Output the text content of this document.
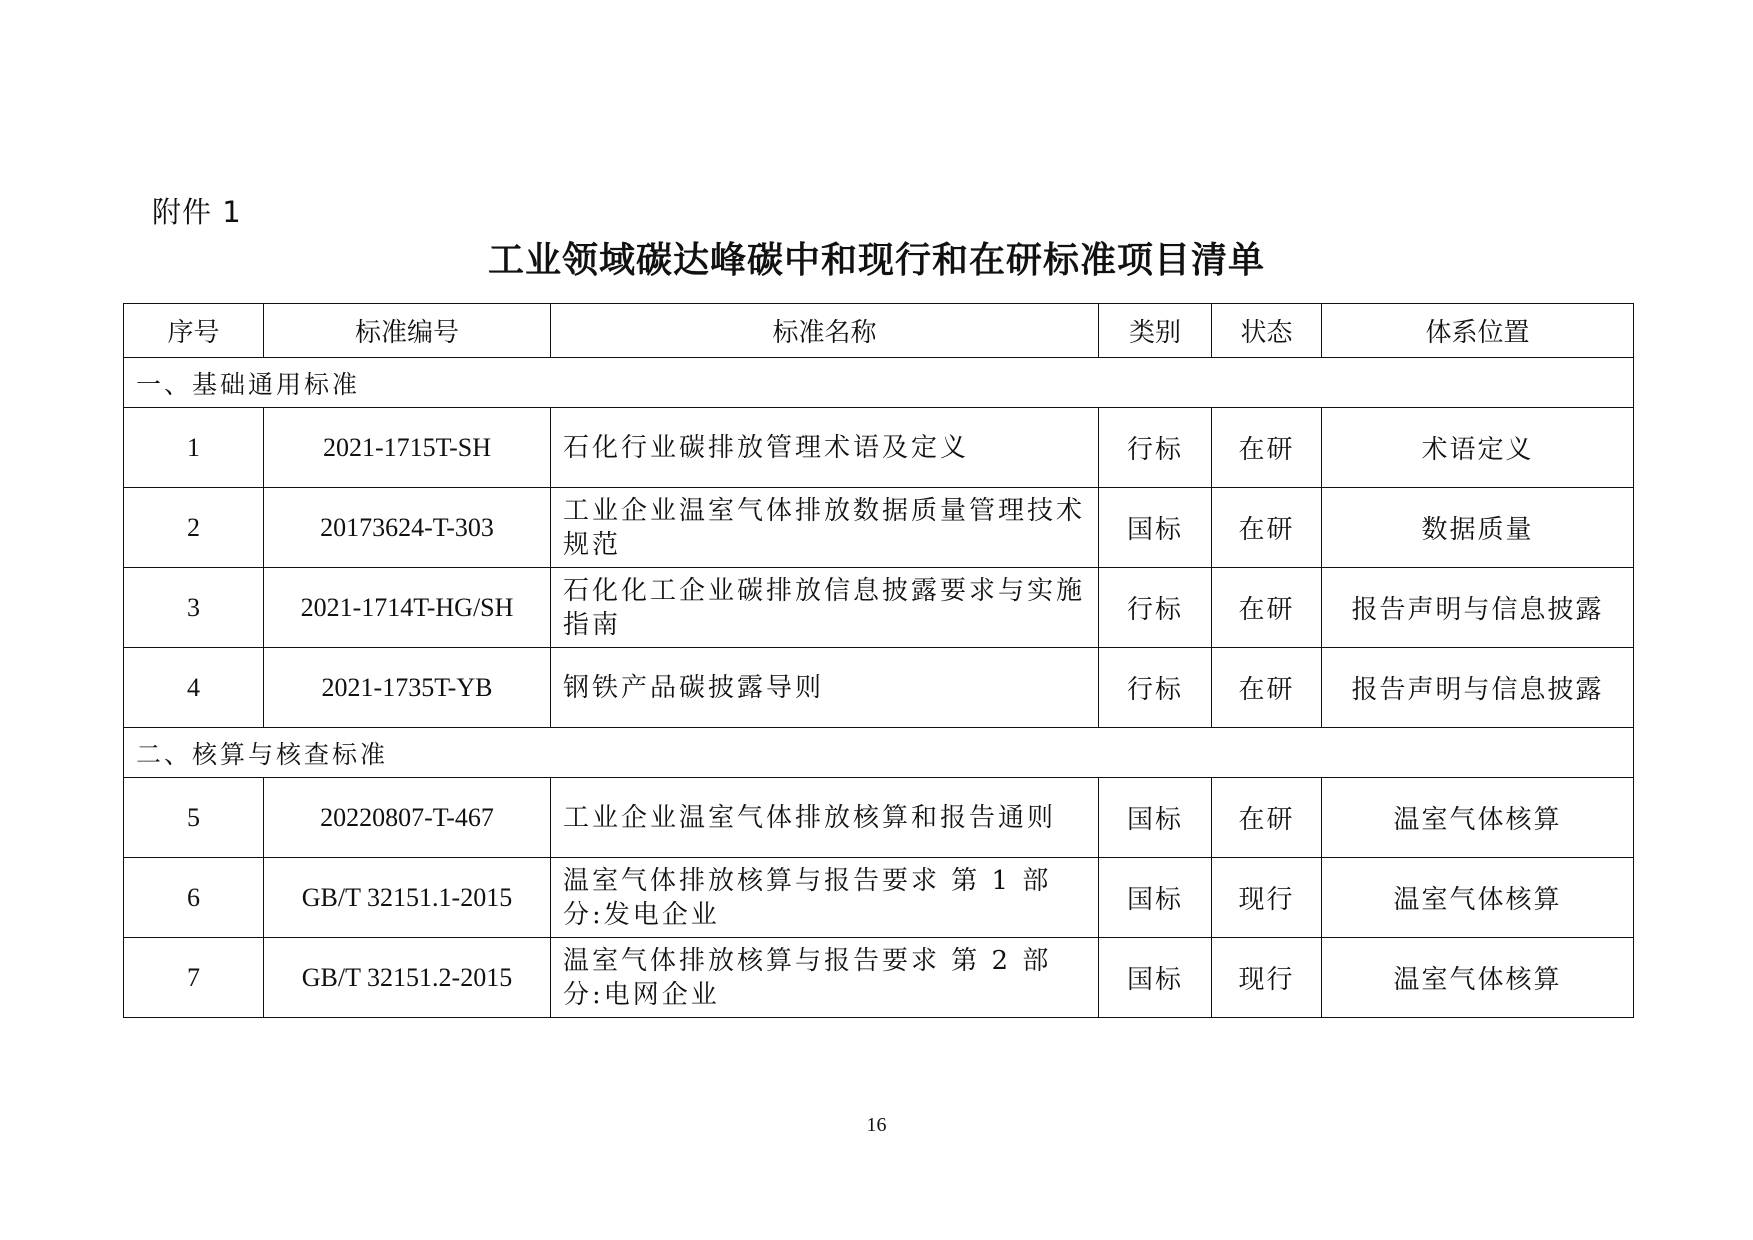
附件 1
工业领域碳达峰碳中和现行和在研标准项目清单
序号	标准编号	标准名称	类别	状态	体系位置
一、基础通用标准					
1	2021-1715T-SH	石化行业碳排放管理术语及定义	行标	在研	术语定义
2	20173624-T-303	工业企业温室气体排放数据质量管理技术规范	国标	在研	数据质量
3	2021-1714T-HG/SH	石化化工企业碳排放信息披露要求与实施指南	行标	在研	报告声明与信息披露
4	2021-1735T-YB	钢铁产品碳披露导则	行标	在研	报告声明与信息披露
二、核算与核查标准					
5	20220807-T-467	工业企业温室气体排放核算和报告通则	国标	在研	温室气体核算
6	GB/T 32151.1-2015	温室气体排放核算与报告要求 第 1 部分:发电企业	国标	现行	温室气体核算
7	GB/T 32151.2-2015	温室气体排放核算与报告要求 第 2 部分:电网企业	国标	现行	温室气体核算
16
